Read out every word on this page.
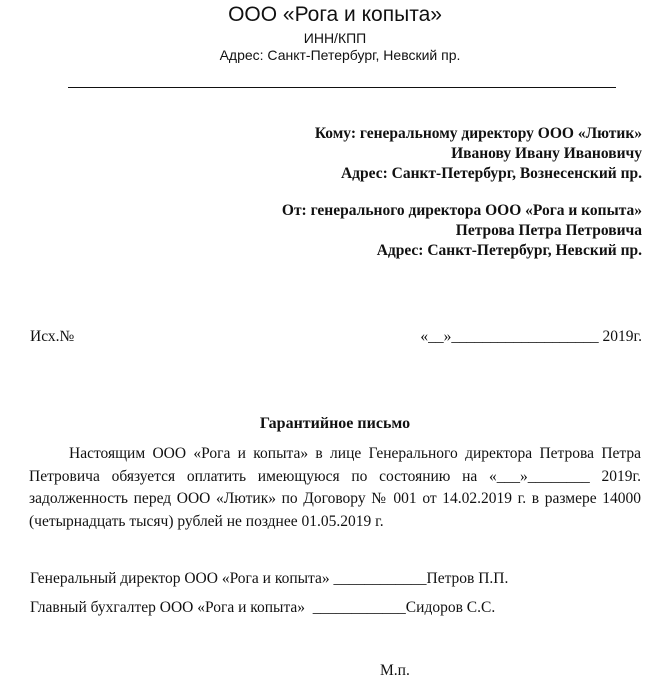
ООО «Рога и копыта»
ИНН/КПП
Адрес: Санкт-Петербург, Невский пр.
Кому: генеральному директору ООО «Лютик»
Иванову Ивану Ивановичу
Адрес: Санкт-Петербург, Вознесенский пр.
От: генерального директора ООО «Рога и копыта»
Петрова Петра Петровича
Адрес: Санкт-Петербург, Невский пр.
Исх.№	«__»___________________ 2019г.
Гарантийное письмо

Настоящим ООО «Рога и копыта» в лице Генерального директора Петрова Петра Петровича обязуется оплатить имеющуюся по состоянию на «___»________ 2019г. задолженность перед ООО «Лютик» по Договору № 001 от 14.02.2019 г. в размере 14000 (четырнадцать тысяч) рублей не позднее 01.05.2019 г.

Генеральный директор ООО «Рога и копыта» ____________Петров П.П.
Главный бухгалтер ООО «Рога и копыта»  ____________Сидоров С.С.
М.п.
